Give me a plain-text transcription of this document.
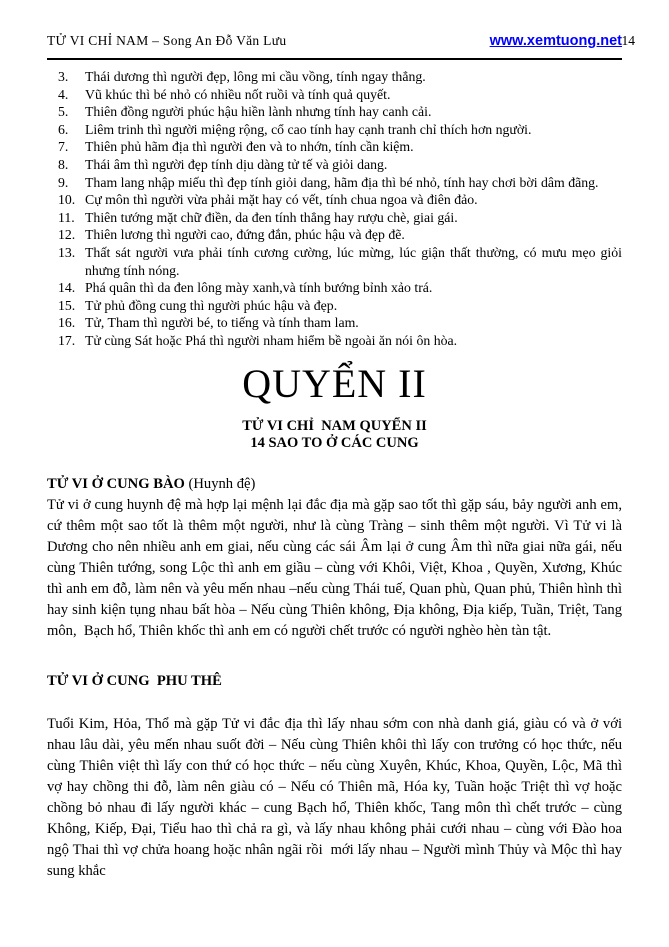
TỬ VI CHỈ NAM – Song An Đỗ Văn Lưu	www.xemtuong.net 14
3. Thái dương thì người đẹp, lông mi cầu vồng, tính ngay thẳng.
4. Vũ khúc thì bé nhỏ có nhiều nốt ruồi và tính quả quyết.
5. Thiên đồng người phúc hậu hiền lành nhưng tính hay canh cải.
6. Liêm trinh thì người miệng rộng, cổ cao tính hay cạnh tranh chỉ thích hơn người.
7. Thiên phủ hãm địa thì người đen và to nhớn, tính cần kiệm.
8. Thái âm thì người đẹp tính dịu dàng tử tế và giỏi dang.
9. Tham lang nhập miếu thì đẹp tính giỏi dang, hãm địa thì bé nhỏ, tính hay chơi bời dâm đãng.
10. Cự môn thì người vừa phải mặt hay có vết, tính chua ngoa và điên đảo.
11. Thiên tướng mặt chữ điền, da đen tính thẳng hay rượu chè, giai gái.
12. Thiên lương thì người cao, đứng đắn, phúc hậu và đẹp đẽ.
13. Thất sát người vưa phải tính cương cường, lúc mừng, lúc giận thất thường, có mưu mẹo giỏi nhưng tính nóng.
14. Phá quân thì da đen lông mày xanh,và tính bướng bỉnh xảo trá.
15. Tử phủ đồng cung thì người phúc hậu và đẹp.
16. Tử, Tham thì người bé, to tiếng và tính tham lam.
17. Tử cùng Sát hoặc Phá thì người nham hiểm bề ngoài ăn nói ôn hòa.
QUYỂN II
TỬ VI CHỈ  NAM QUYỂN II
14 SAO TO Ở CÁC CUNG

TỬ VI Ở CUNG BÀO (Huynh đệ)

Tử vi ở cung huynh đệ mà hợp lại mệnh lại đắc địa mà gặp sao tốt thì gặp sáu, bảy người anh em, cứ thêm một sao tốt là thêm một người, như là cùng Tràng – sinh thêm một người. Vì Tử vi là Dương cho nên nhiều anh em giai, nếu cùng các sái Âm lại ở cung Âm thì nữa giai nữa gái, nếu cùng Thiên tướng, song Lộc thì anh em giầu – cùng với Khôi, Việt, Khoa , Quyền, Xương, Khúc thì anh em đỗ, làm nên và yêu mến nhau –nếu cùng Thái tuế, Quan phù, Quan phủ, Thiên hình thì hay sinh kiện tụng nhau bất hòa – Nếu cùng Thiên không, Địa không, Địa kiếp, Tuần, Triệt, Tang môn,  Bạch hổ, Thiên khốc thì anh em có người chết trước có người nghèo hèn tàn tật.

TỬ VI Ở CUNG  PHU THÊ

Tuổi Kim, Hỏa, Thổ mà gặp Tử vi đắc địa thì lấy nhau sớm con nhà danh giá, giàu có và ở với nhau lâu dài, yêu mến nhau suốt đời – Nếu cùng Thiên khôi thì lấy con trưởng có học thức, nếu cùng Thiên việt thì lấy con thứ có học thức – nếu cùng Xuyên, Khúc, Khoa, Quyền, Lộc, Mã thì vợ hay chồng thi đỗ, làm nên giàu có – Nếu có Thiên mã, Hóa ky, Tuần hoặc Triệt thì vợ hoặc chồng bỏ nhau đi lấy người khác – cung Bạch hổ, Thiên khốc, Tang môn thì chết trước – cùng Không, Kiếp, Đại, Tiểu hao thì chả ra gì, và lấy nhau không phải cưới nhau – cùng với Đào hoa ngộ Thai thì vợ chửa hoang hoặc nhân ngãi rồi  mới lấy nhau – Người mình Thủy và Mộc thì hay sung khắc
